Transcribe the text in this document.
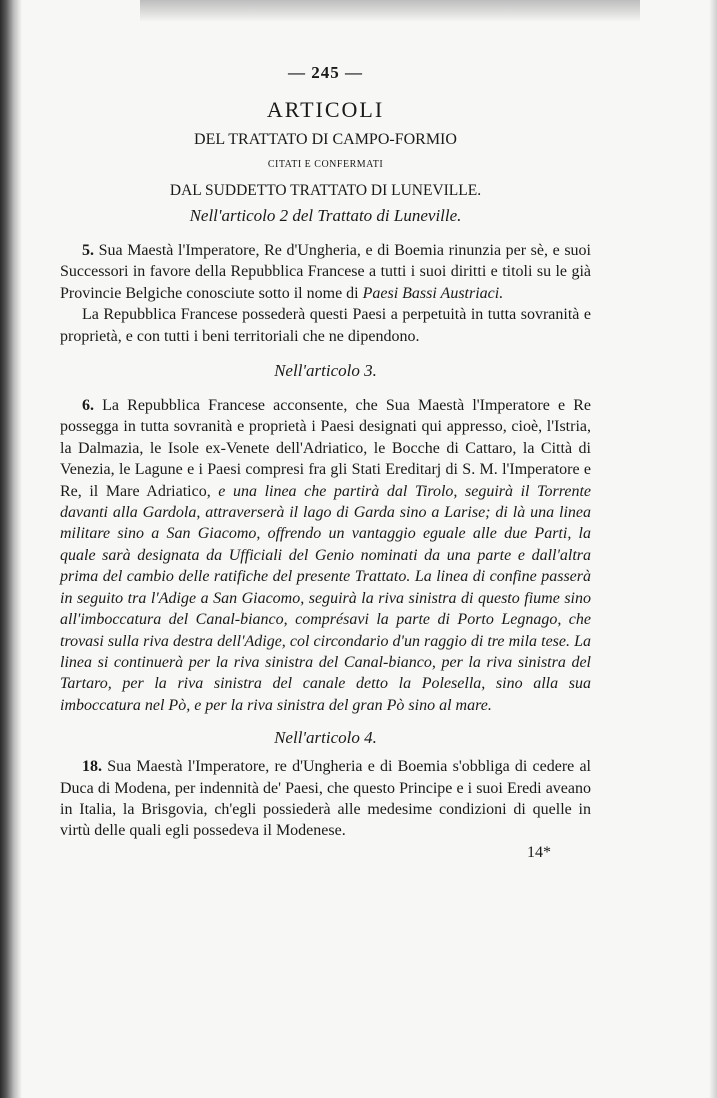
— 245 —
ARTICOLI
DEL TRATTATO DI CAMPO-FORMIO
CITATI E CONFERMATI
DAL SUDDETTO TRATTATO DI LUNEVILLE.
Nell'articolo 2 del Trattato di Luneville.

5. Sua Maestà l'Imperatore, Re d'Ungheria, e di Boemia rinunzia per sè, e suoi Successori in favore della Repubblica Francese a tutti i suoi diritti e titoli su le già Provincie Belgiche conosciute sotto il nome di Paesi Bassi Austriaci.

La Repubblica Francese possederà questi Paesi a perpetuità in tutta sovranità e proprietà, e con tutti i beni territoriali che ne dipendono.

Nell'articolo 3.

6. La Repubblica Francese acconsente, che Sua Maestà l'Imperatore e Re possegga in tutta sovranità e proprietà i Paesi designati qui appresso, cioè, l'Istria, la Dalmazia, le Isole ex-Venete dell'Adriatico, le Bocche di Cattaro, la Città di Venezia, le Lagune e i Paesi compresi fra gli Stati Ereditarj di S. M. l'Imperatore e Re, il Mare Adriatico, e una linea che partirà dal Tirolo, seguirà il Torrente davanti alla Gardola, attraverserà il lago di Garda sino a Larise; di là una linea militare sino a San Giacomo, offrendo un vantaggio eguale alle due Parti, la quale sarà designata da Ufficiali del Genio nominati da una parte e dall'altra prima del cambio delle ratifiche del presente Trattato. La linea di confine passerà in seguito tra l'Adige a San Giacomo, seguirà la riva sinistra di questo fiume sino all'imboccatura del Canal-bianco, comprésavi la parte di Porto Legnago, che trovasi sulla riva destra dell'Adige, col circondario d'un raggio di tre mila tese. La linea si continuerà per la riva sinistra del Canal-bianco, per la riva sinistra del Tartaro, per la riva sinistra del canale detto la Polesella, sino alla sua imboccatura nel Pò, e per la riva sinistra del gran Pò sino al mare.

Nell'articolo 4.

18. Sua Maestà l'Imperatore, re d'Ungheria e di Boemia s'obbliga di cedere al Duca di Modena, per indennità de' Paesi, che questo Principe e i suoi Eredi aveano in Italia, la Brisgovia, ch'egli possiederà alle medesime condizioni di quelle in virtù delle quali egli possedeva il Modenese.

14*
